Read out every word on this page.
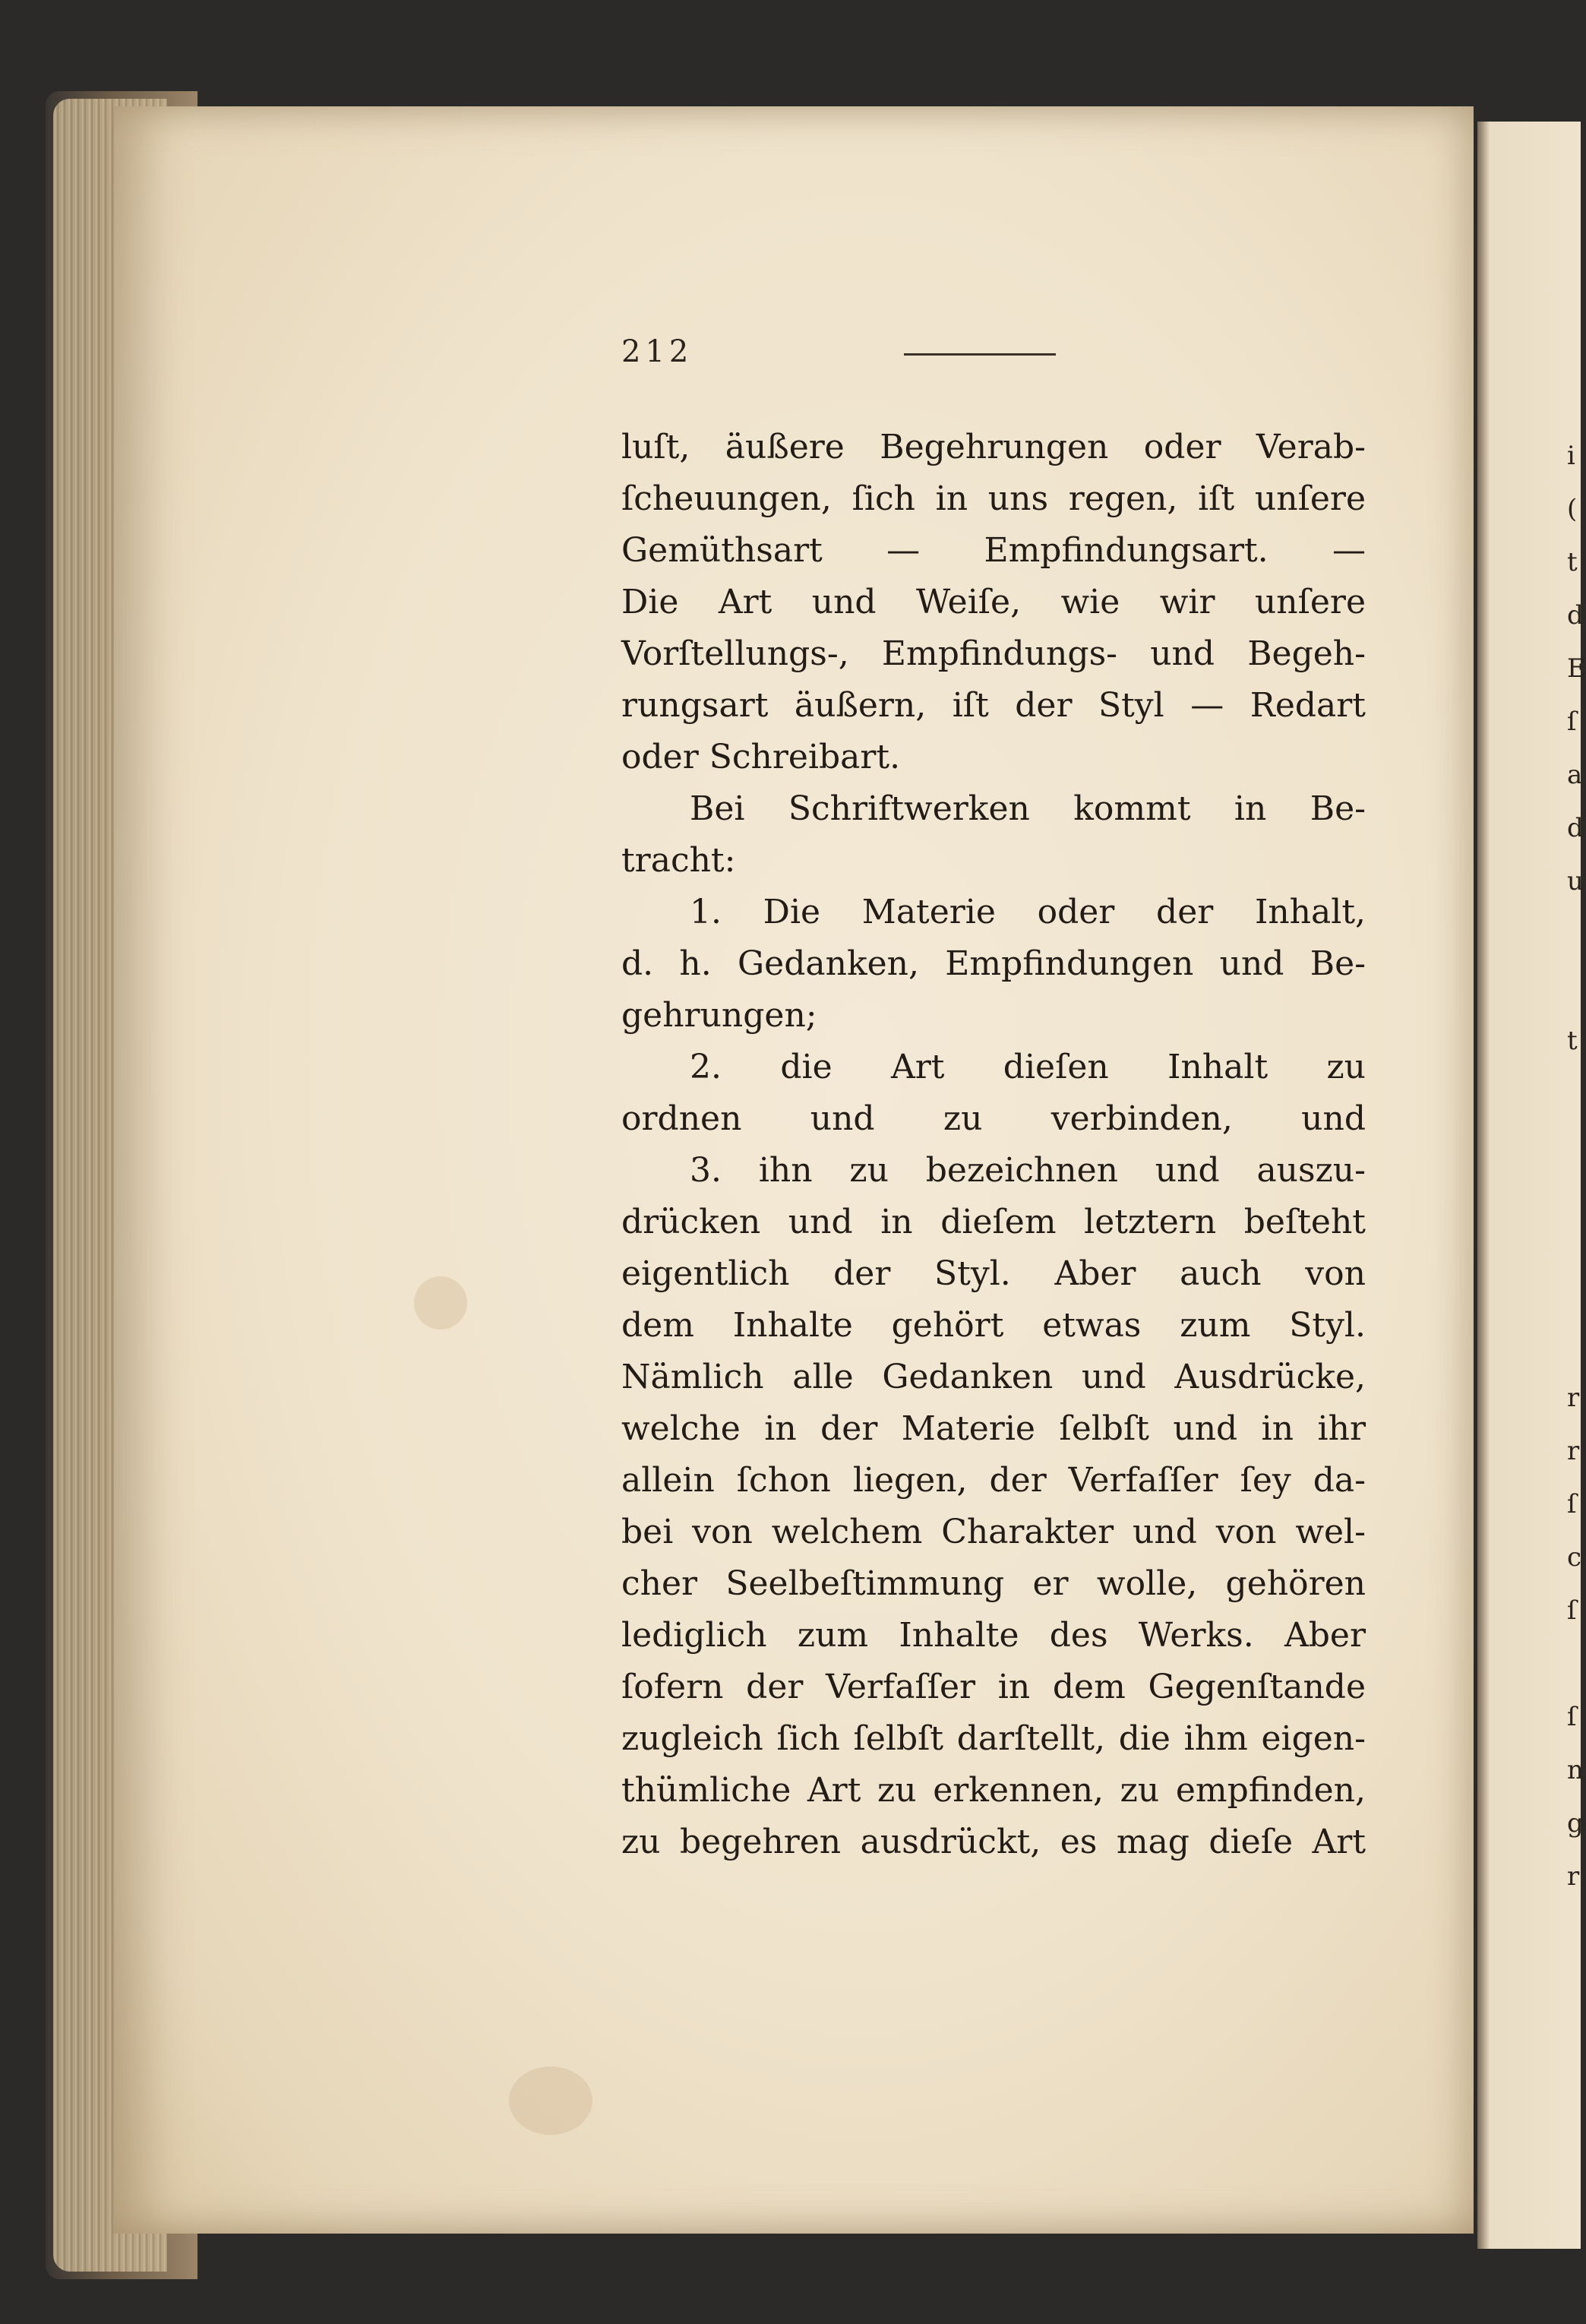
i
(
t
d
E
ſ
a
d
u
t
r
r
ſ
c
ſ
ſ
n
g
r
212
luſt, äußere Begehrungen oder Verab-
ſcheuungen, ſich in uns regen, iſt unſere
Gemüthsart — Empfindungsart. —
Die Art und Weiſe, wie wir unſere
Vorſtellungs-, Empfindungs- und Begeh-
rungsart äußern, iſt der Styl — Redart
oder Schreibart.
Bei Schriftwerken kommt in Be-
tracht:
1. Die Materie oder der Inhalt,
d. h. Gedanken, Empfindungen und Be-
gehrungen;
2. die Art dieſen Inhalt zu
ordnen und zu verbinden, und
3. ihn zu bezeichnen und auszu-
drücken und in dieſem letztern beſteht
eigentlich der Styl. Aber auch von
dem Inhalte gehört etwas zum Styl.
Nämlich alle Gedanken und Ausdrücke,
welche in der Materie ſelbſt und in ihr
allein ſchon liegen, der Verfaſſer ſey da-
bei von welchem Charakter und von wel-
cher Seelbeſtimmung er wolle, gehören
lediglich zum Inhalte des Werks. Aber
ſofern der Verfaſſer in dem Gegenſtande
zugleich ſich ſelbſt darſtellt, die ihm eigen-
thümliche Art zu erkennen, zu empfinden,
zu begehren ausdrückt, es mag dieſe Art
